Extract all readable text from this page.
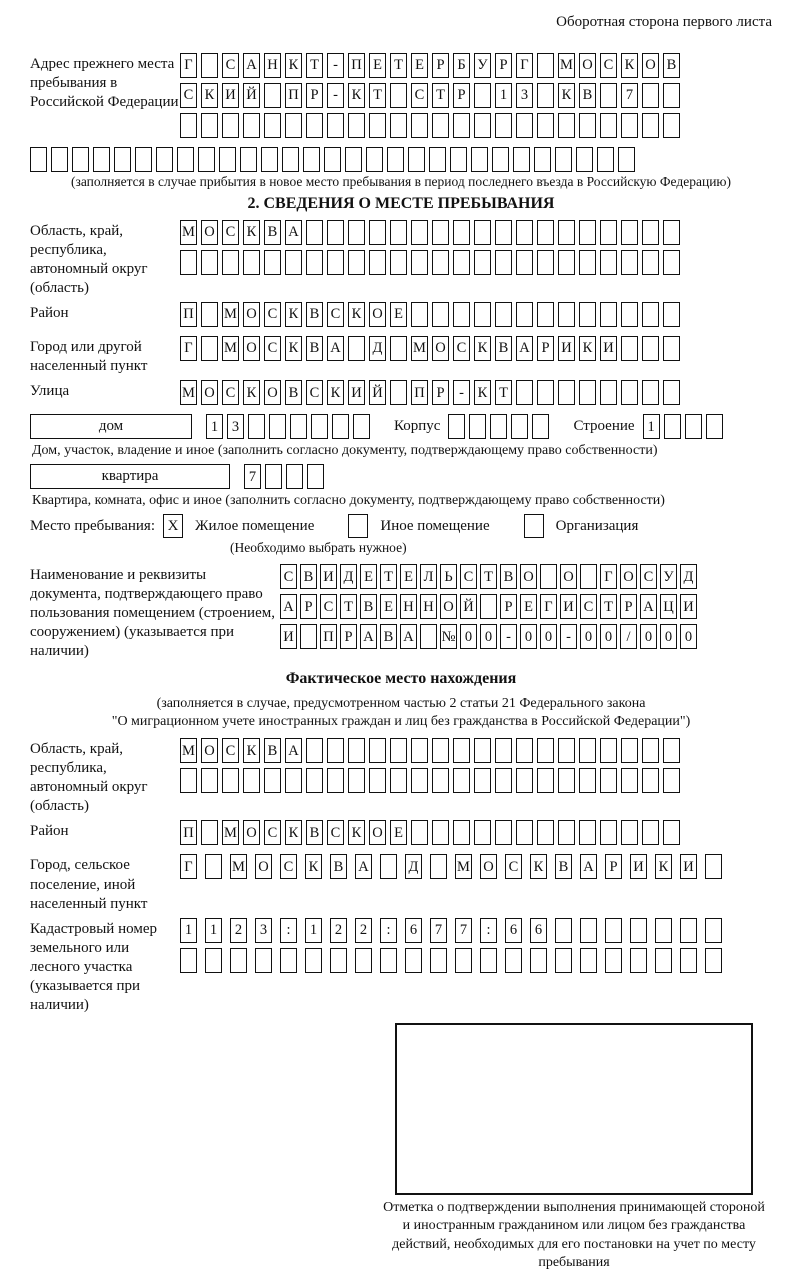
Оборотная сторона первого листа
Адрес прежнего места пребывания в Российской Федерации
Г С А Н К Т - П Е Т Е Р Б У Р Г М О С К О В
С К И Й П Р	- К Т С Т Р	1 3	К В	7
(заполняется в случае прибытия в новое место пребывания в период последнего въезда в Российскую Федерацию)
2. СВЕДЕНИЯ О МЕСТЕ ПРЕБЫВАНИЯ
Область, край, республика, автономный округ (область)
М О С К В А
Район	П М О С К В С К О Е
Город или другой населенный пункт
Г М О С К В А Д М О С К В А Р И К И
Улица	М О С К О В С К И Й П Р	- К Т
дом	1 3	Корпус	Строение 1
Дом, участок, владение и иное (заполнить согласно документу, подтверждающему право собственности)
квартира	7
Квартира, комната, офис и иное (заполнить согласно документу, подтверждающему право собственности)
Место пребывания: X	Жилое помещение	Иное помещение	Организация
(Необходимо выбрать нужное)
Наименование и реквизиты документа, подтверждающего право пользования помещением (строением, сооружением) (указывается при наличии)
С В И Д Е Т Е Л Ь С Т В О О Г О С У Д
А Р С Т В Е Н Н О Й	Р Е Г И С Т Р А Ц И
И П Р А В А № 0 0 - 0 0 - 0 0 / 0 0 0
Фактическое место нахождения
(заполняется в случае, предусмотренном частью 2 статьи 21 Федерального закона
"О миграционном учете иностранных граждан и лиц без гражданства в Российской Федерации")
Область, край, республика, автономный округ (область)
М О С К В А
Район	П М О С К В С К О Е
Город, сельское поселение, иной населенный пункт
Г	М О С К В А	Д	М О С К В А	Р	И К И
Кадастровый номер земельного или лесного участка (указывается при наличии)
1	1	2	3	:	1	2	2	:	6	7	7	:	6	6
Отметка о подтверждении выполнения принимающей стороной и иностранным гражданином или лицом без гражданства действий, необходимых для его постановки на учет по месту пребывания
